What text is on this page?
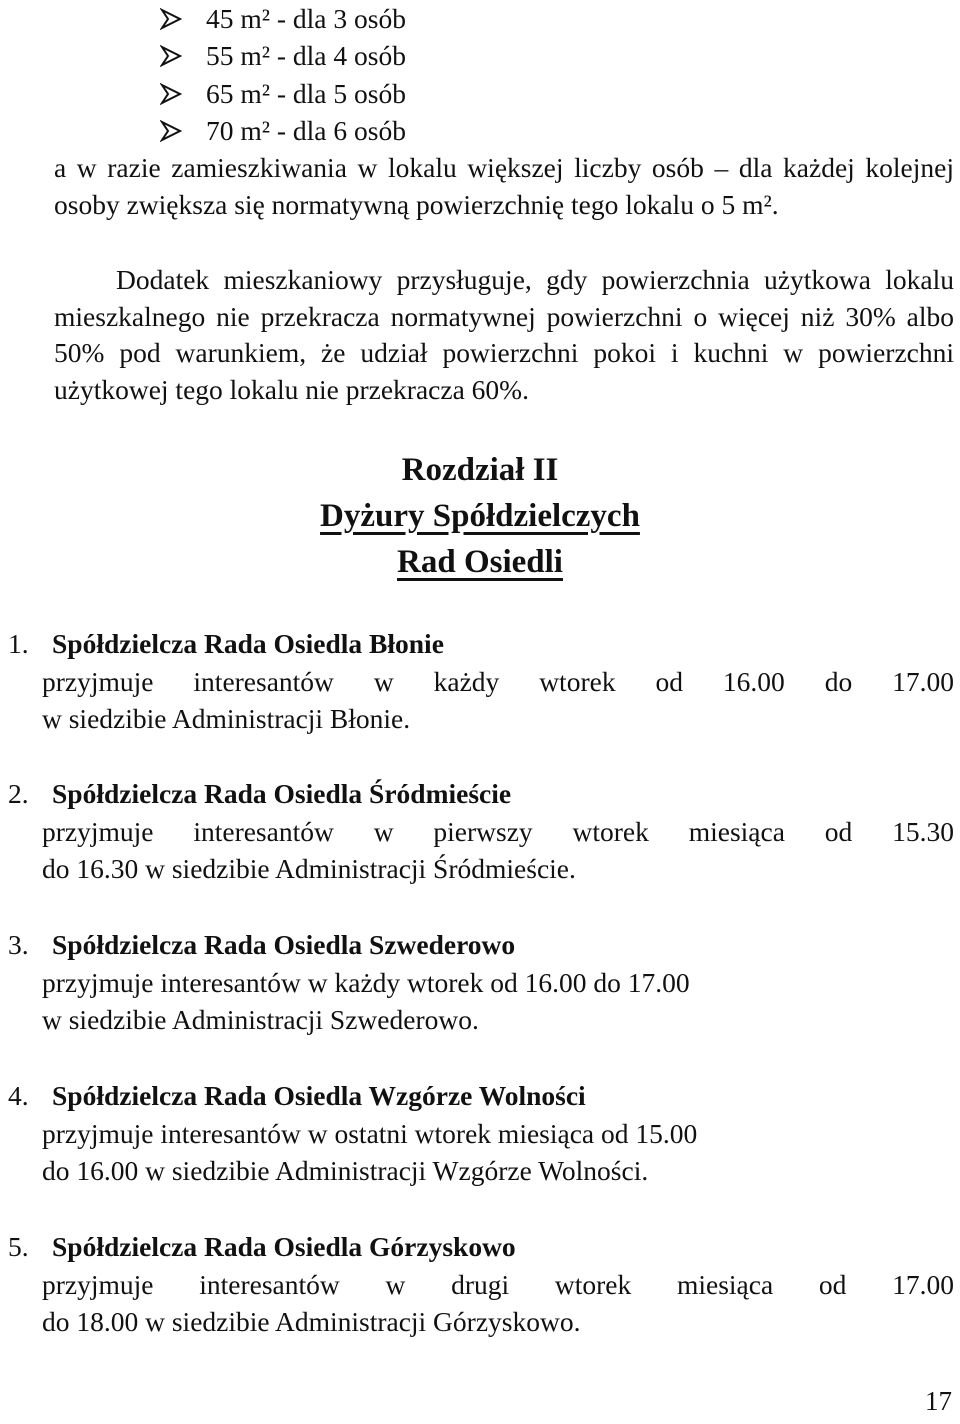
45 m² - dla 3 osób
55 m² - dla 4 osób
65 m² - dla 5 osób
70 m² - dla 6 osób

a w razie zamieszkiwania w lokalu większej liczby osób – dla każdej kolejnej osoby zwiększa się normatywną powierzchnię tego lokalu o 5 m².

Dodatek mieszkaniowy przysługuje, gdy powierzchnia użytkowa lokalu mieszkalnego nie przekracza normatywnej powierzchni o więcej niż 30% albo 50% pod warunkiem, że udział powierzchni pokoi i kuchni w powierzchni użytkowej tego lokalu nie przekracza 60%.

Rozdział II
Dyżury Spółdzielczych
Rad Osiedli
1. Spółdzielcza Rada Osiedla Błonie

przyjmuje interesantów w każdy wtorek od 16.00 do 17.00

w siedzibie Administracji Błonie.

2. Spółdzielcza Rada Osiedla Śródmieście

przyjmuje interesantów w pierwszy wtorek miesiąca od 15.30

do 16.30 w siedzibie Administracji Śródmieście.

3. Spółdzielcza Rada Osiedla Szwederowo

przyjmuje interesantów w każdy wtorek od 16.00 do 17.00

w siedzibie Administracji Szwederowo.

4. Spółdzielcza Rada Osiedla Wzgórze Wolności

przyjmuje interesantów w ostatni wtorek miesiąca od 15.00

do 16.00 w siedzibie Administracji Wzgórze Wolności.

5. Spółdzielcza Rada Osiedla Górzyskowo

przyjmuje interesantów w drugi wtorek miesiąca od 17.00

do 18.00 w siedzibie Administracji Górzyskowo.

17
